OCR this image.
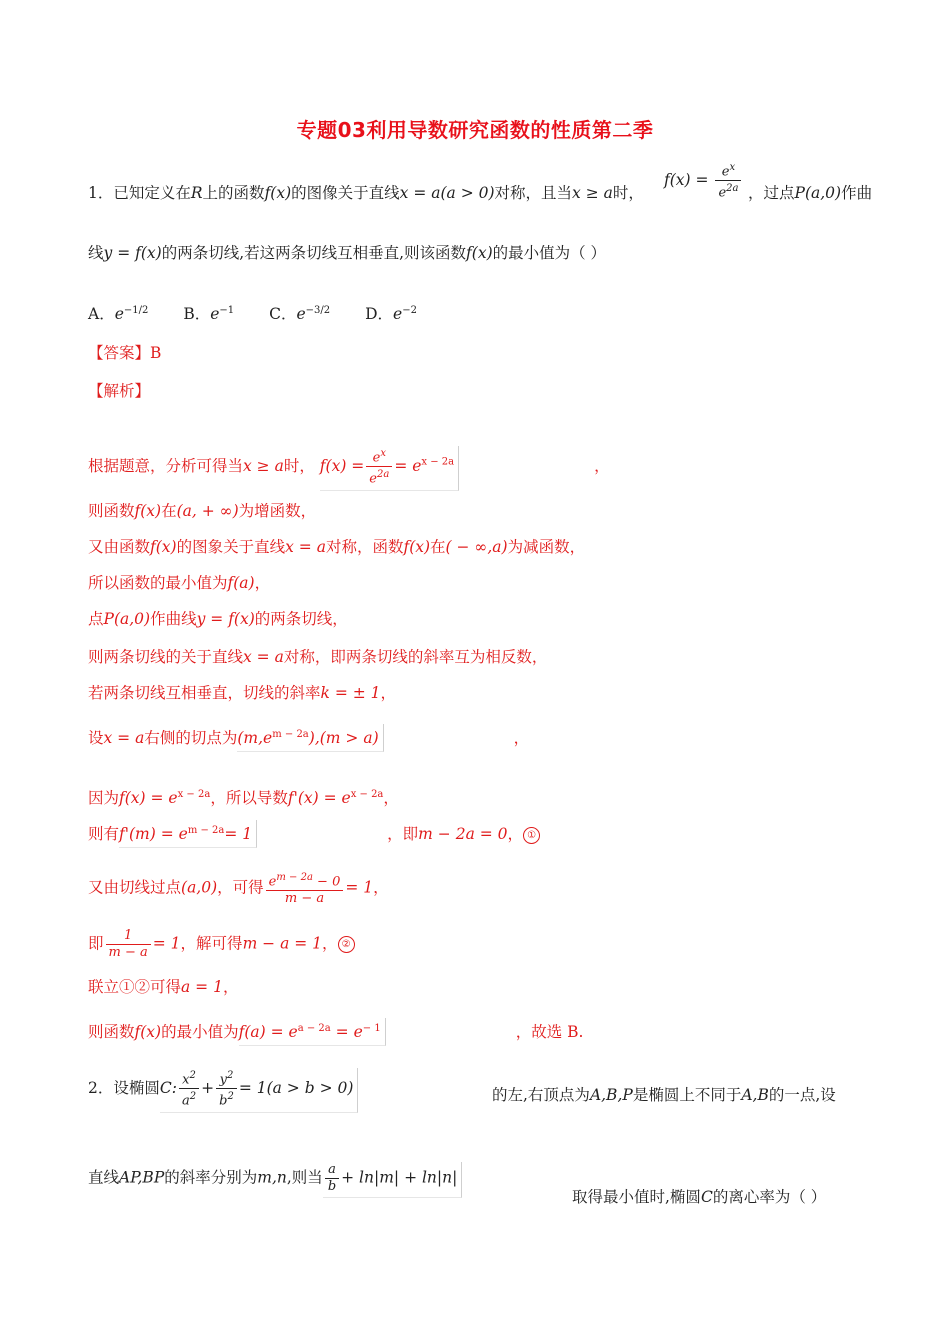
专题03利用导数研究函数的性质第二季
1．已知定义在R上的函数f(x)的图像关于直线x = a(a > 0)对称，且当x ≥ a时，
$f(x) = \frac{e^x}{e^{2a}}$ ，过点P(a,0)作曲
线y = f(x)的两条切线,若这两条切线互相垂直,则该函数f(x)的最小值为（ ）
A．$e^{-1/2}$ B．$e^{-1}$ C．$e^{-3/2}$ D．$e^{-2}$
【答案】B
【解析】
根据题意，分析可得当x ≥ a时， $f(x) = \frac{e^x}{e^{2a}} = e^{x - 2a}$	，
则函数f(x)在(a, + ∞)为增函数，
又由函数f(x)的图象关于直线x = a对称，函数f(x)在( − ∞,a)为减函数，
所以函数的最小值为f(a)，
点P(a,0)作曲线y = f(x)的两条切线，
则两条切线的关于直线x = a对称，即两条切线的斜率互为相反数，
若两条切线互相垂直，切线的斜率k = ± 1，
设x = a右侧的切点为$(m,e^{m - 2a}),(m > a)$	，
因为$f(x) = e^{x - 2a}$，所以导数$f'(x) = e^{x - 2a}$，
则有$f'(m) = e^{m - 2a}= 1$	，即m − 2a = 0， ①
又由切线过点(a,0)，可得 $\frac{e^{m - 2a} - 0}{m - a} = 1$，
即 $\frac{1}{m - a} = 1$，解可得m − a = 1， ②
联立①②可得a = 1，
则函数f(x)的最小值为$f(a) = e^{a - 2a} = e^{- 1}$	，故选 B.
2．设椭圆C: $\frac{x^2}{a^2} + \frac{y^2}{b^2} = 1(a > b > 0)$	的左,右顶点为A,B,P是椭圆上不同于A,B的一点,设
直线AP,BP的斜率分别为m,n,则当 $\frac{a}{b} + \ln|m| + \ln|n|$
取得最小值时,椭圆C的离心率为（ ）
